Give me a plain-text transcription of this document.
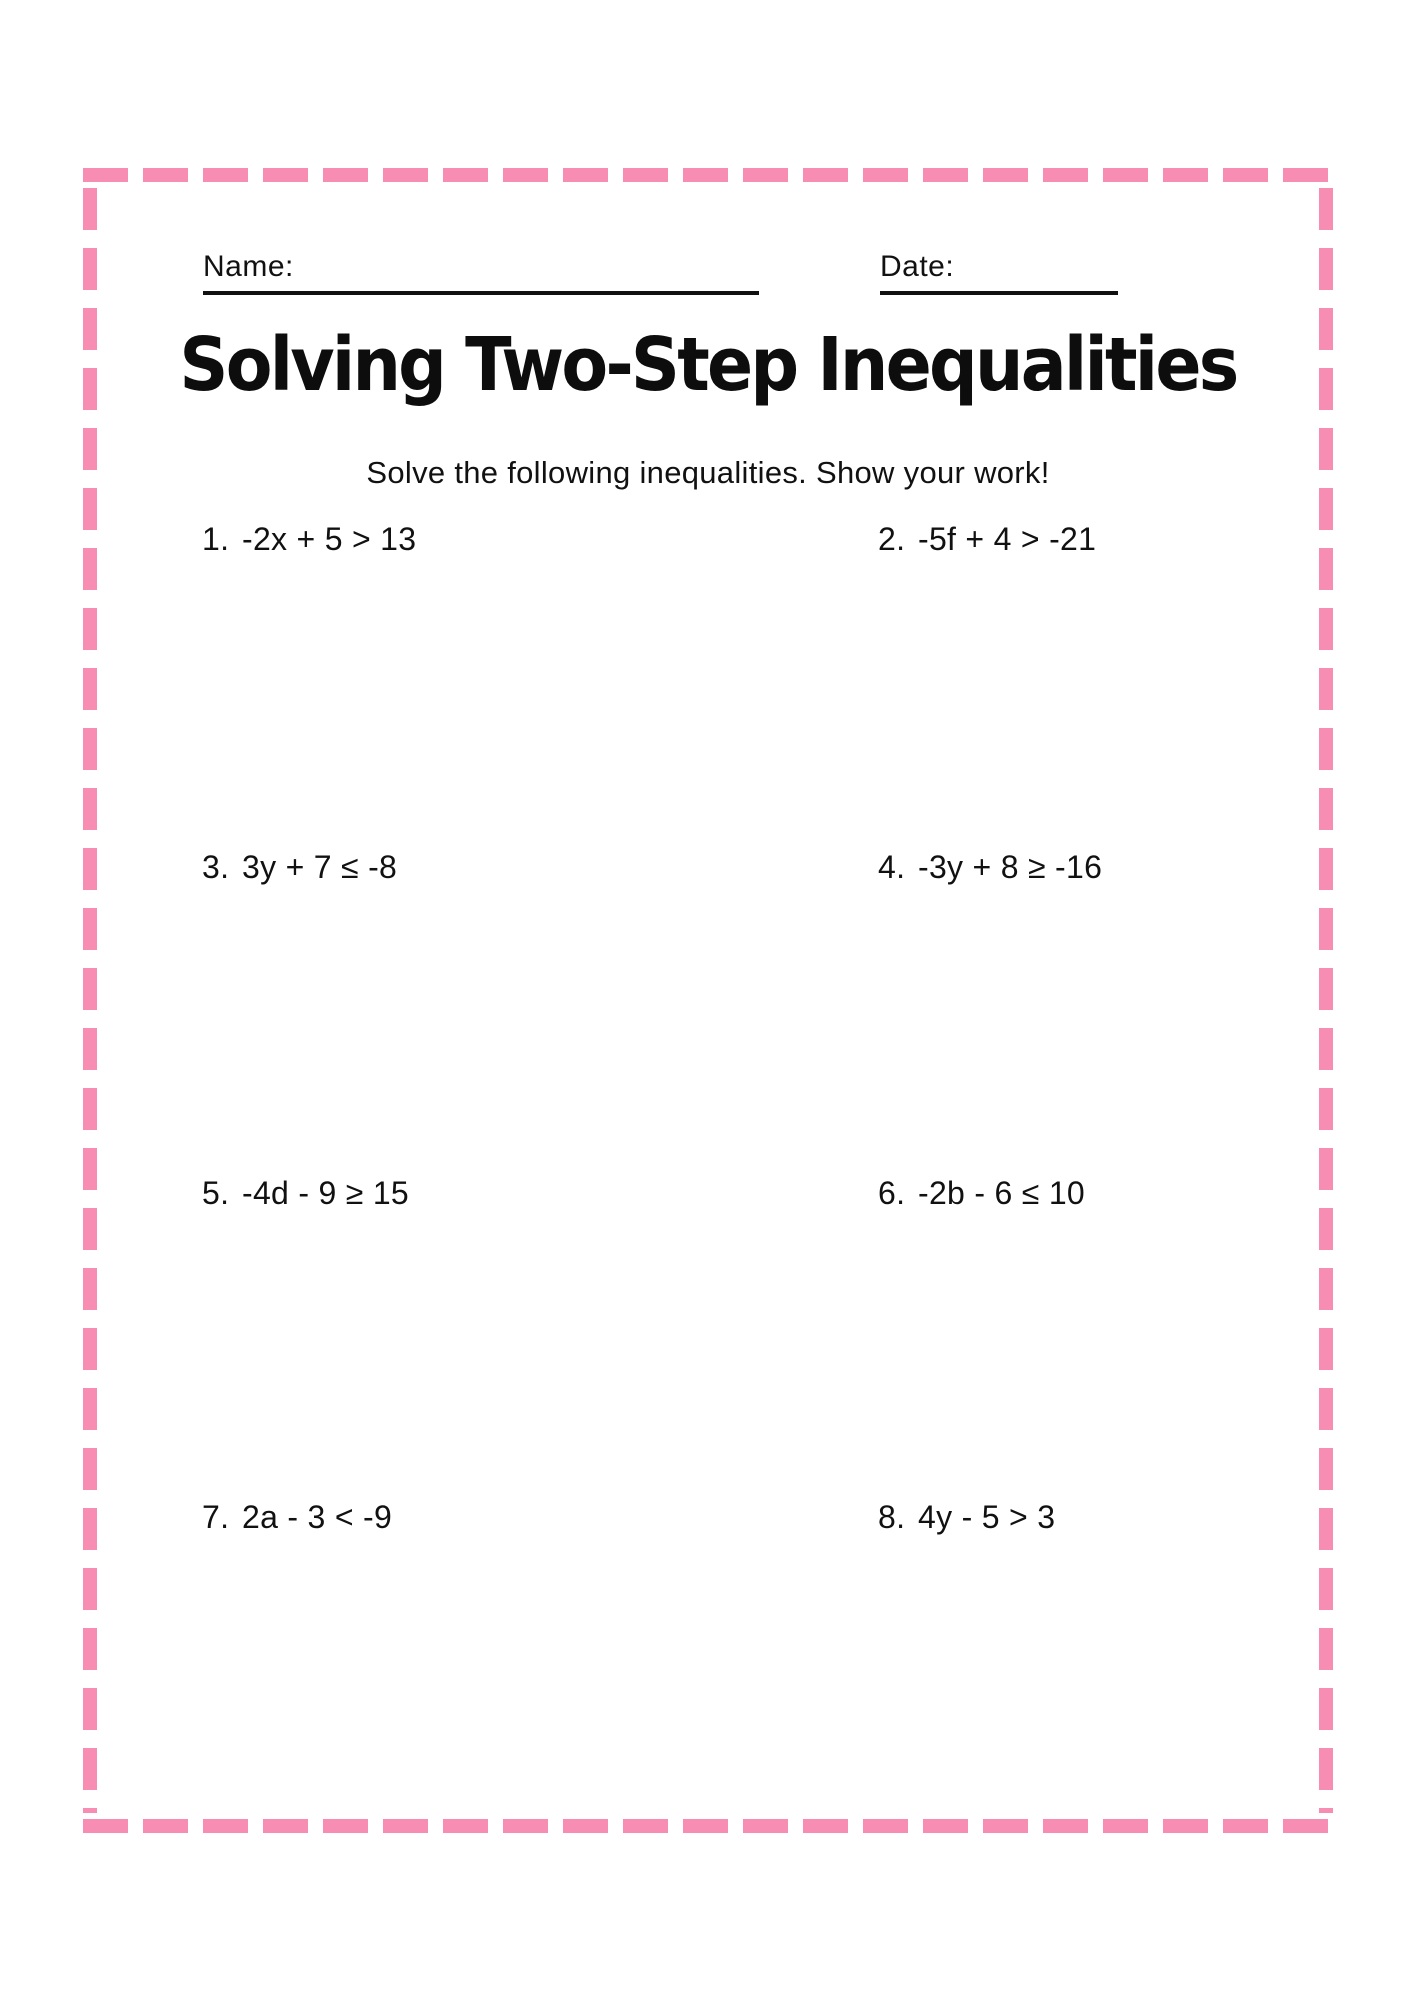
Name:	Date:
Solving Two-Step Inequalities
Solve the following inequalities. Show your work!
1. -2x + 5 > 13	2. -5f + 4 > -21
3. 3y + 7 ≤ -8	4. -3y + 8 ≥ -16
5. -4d - 9 ≥ 15	6. -2b - 6 ≤ 10
7. 2a - 3 < -9	8. 4y - 5 > 3
